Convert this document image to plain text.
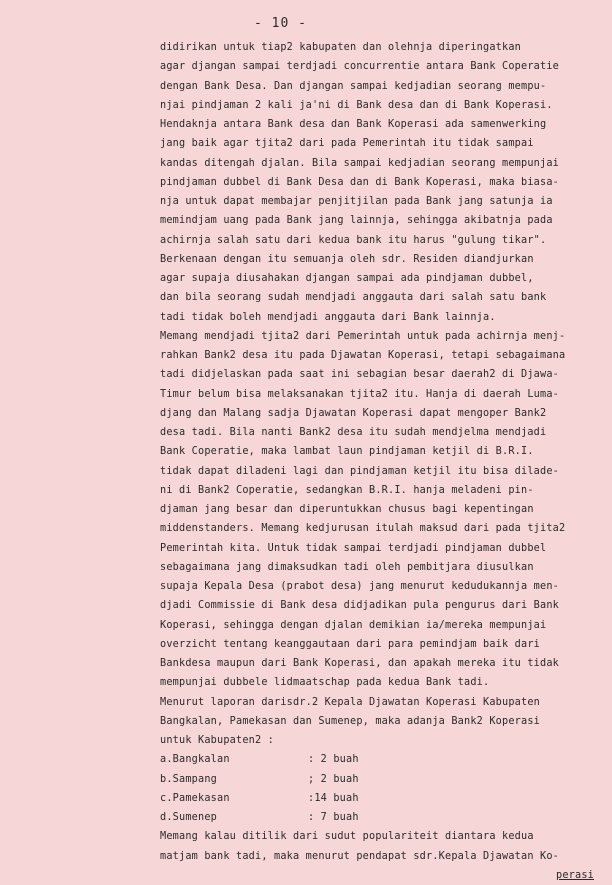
- 10 -
didirikan untuk tiap2 kabupaten dan olehnja diperingatkan
agar djangan sampai terdjadi concurrentie antara Bank Coperatie
dengan Bank Desa. Dan djangan sampai kedjadian seorang mempu-
njai pindjaman 2 kali ja'ni di Bank desa dan di Bank Koperasi.
Hendaknja antara Bank desa dan Bank Koperasi ada samenwerking
jang baik agar tjita2 dari pada Pemerintah itu tidak sampai
kandas ditengah djalan. Bila sampai kedjadian seorang mempunjai
pindjaman dubbel di Bank Desa dan di Bank Koperasi, maka biasa-
nja untuk dapat membajar penjitjilan pada Bank jang satunja ia
memindjam uang pada Bank jang lainnja, sehingga akibatnja pada
achirnja salah satu dari kedua bank itu harus "gulung tikar".
Berkenaan dengan itu semuanja oleh sdr. Residen diandjurkan
agar supaja diusahakan djangan sampai ada pindjaman dubbel,
dan bila seorang sudah mendjadi anggauta dari salah satu bank
tadi tidak boleh mendjadi anggauta dari Bank lainnja.
Memang mendjadi tjita2 dari Pemerintah untuk pada achirnja menj-
rahkan Bank2 desa itu pada Djawatan Koperasi, tetapi sebagaimana
tadi didjelaskan pada saat ini sebagian besar daerah2 di Djawa-
Timur belum bisa melaksanakan tjita2 itu. Hanja di daerah Luma-
djang dan Malang sadja Djawatan Koperasi dapat mengoper Bank2
desa tadi. Bila nanti Bank2 desa itu sudah mendjelma mendjadi
Bank Coperatie, maka lambat laun pindjaman ketjil di B.R.I.
tidak dapat diladeni lagi dan pindjaman ketjil itu bisa dilade-
ni di Bank2 Coperatie, sedangkan B.R.I. hanja meladeni pin-
djaman jang besar dan diperuntukkan chusus bagi kepentingan
middenstanders. Memang kedjurusan itulah maksud dari pada tjita2
Pemerintah kita. Untuk tidak sampai terdjadi pindjaman dubbel
sebagaimana jang dimaksudkan tadi oleh pembitjara diusulkan
supaja Kepala Desa (prabot desa) jang menurut kedudukannja men-
djadi Commissie di Bank desa didjadikan pula pengurus dari Bank
Koperasi, sehingga dengan djalan demikian ia/mereka mempunjai
overzicht tentang keanggautaan dari para pemindjam baik dari
Bankdesa maupun dari Bank Koperasi, dan apakah mereka itu tidak
mempunjai dubbele lidmaatschap pada kedua Bank tadi.
Menurut laporan darisdr.2 Kepala Djawatan Koperasi Kabupaten
Bangkalan, Pamekasan dan Sumenep, maka adanja Bank2 Koperasi
untuk Kabupaten2 :
a.Bangkalan	: 2 buah
b.Sampang	; 2 buah
c.Pamekasan	:14 buah
d.Sumenep	: 7 buah
Memang kalau ditilik dari sudut populariteit diantara kedua
matjam bank tadi, maka menurut pendapat sdr.Kepala Djawatan Ko-
perasi
